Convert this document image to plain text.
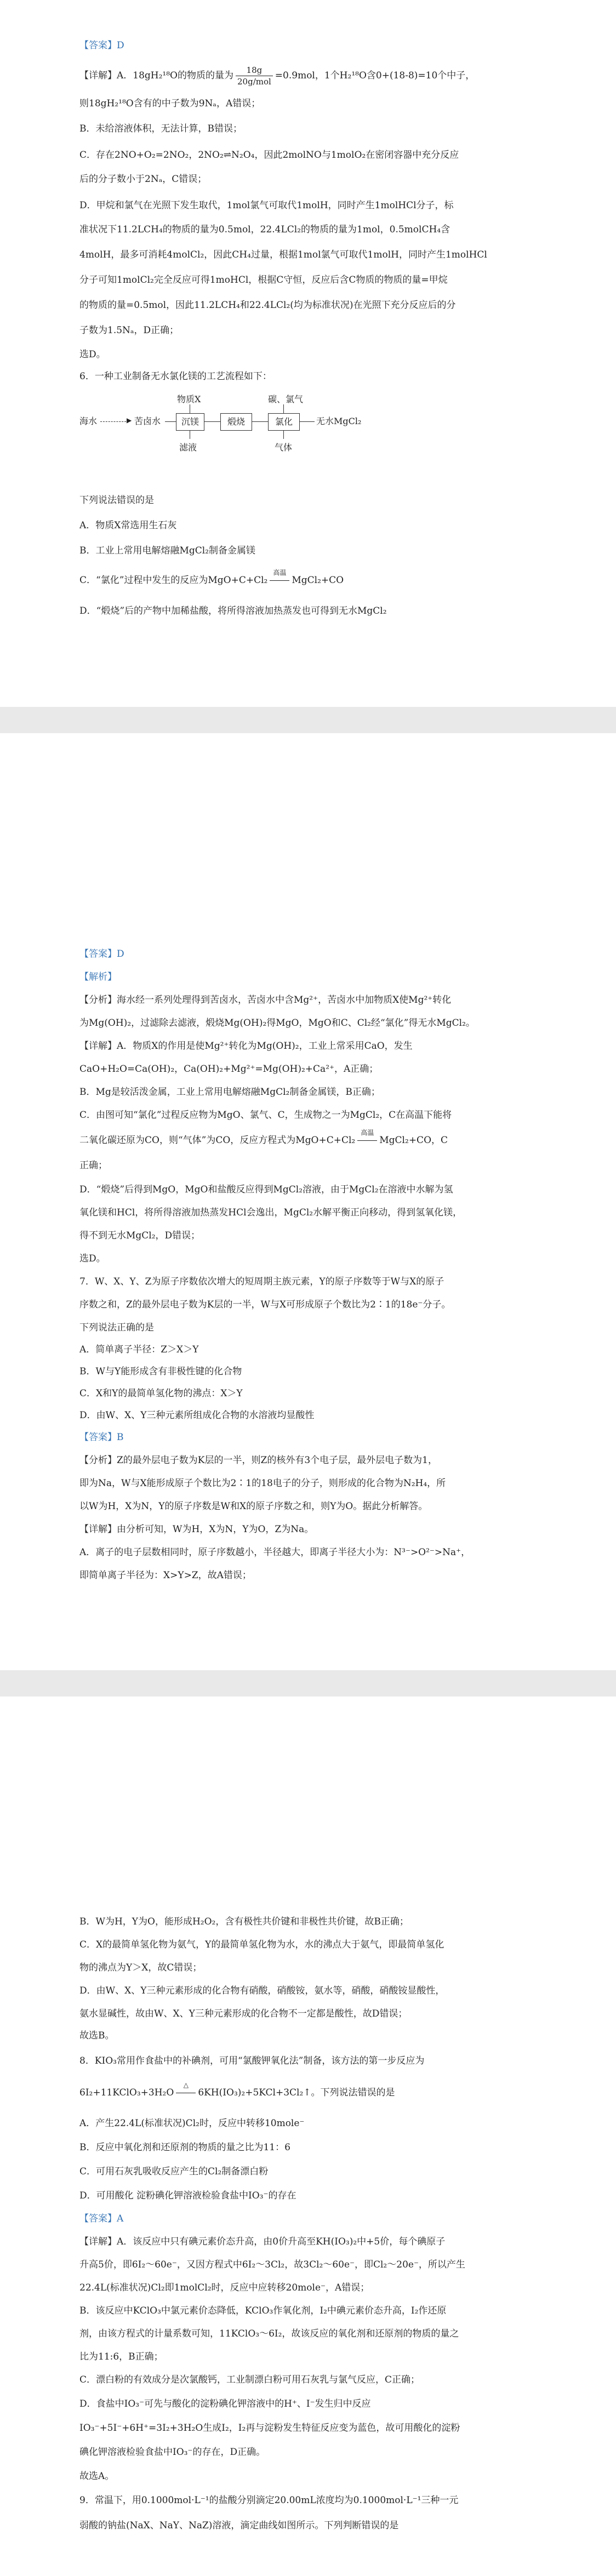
【答案】D
【详解】A．18gH₂¹⁸O的物质的量为 $\frac{18g}{\text{20g/mol}} =0.9mol$，1个H₂¹⁸O含0+(18-8)=10个中子，
则18gH₂¹⁸O含有的中子数为9Nₐ，A错误；
B．未给溶液体积，无法计算，B错误；
C．存在2NO+O₂=2NO₂，2NO₂⇌N₂O₄，因此2molNO与1molO₂在密闭容器中充分反应
后的分子数小于2Nₐ，C错误；
D．甲烷和氯气在光照下发生取代，1mol氯气可取代1molH，同时产生1molHCl分子，标
准状况下11.2LCH₄的物质的量为0.5mol，22.4LCl₂的物质的量为1mol，0.5molCH₄含
4molH，最多可消耗4molCl₂，因此CH₄过量，根据1mol氯气可取代1molH，同时产生1molHCl
分子可知1molCl₂完全反应可得1moHCl，根据C守恒，反应后含C物质的物质的量=甲烷
的物质的量=0.5mol，因此11.2LCH₄和22.4LCl₂(均为标准状况)在光照下充分反应后的分
子数为1.5Nₐ，D正确；
选D。
6．一种工业制备无水氯化镁的工艺流程如下：
海水	▶ 苦卤水	沉镁
物质X
滤液
煅烧	氯化
碳、氯气
气体
无水MgCl₂
下列说法错误的是
A．物质X常选用生石灰
B．工业上常用电解熔融MgCl₂制备金属镁
C．“氯化”过程中发生的反应为MgO+C+Cl₂
高温
MgCl₂+CO
D．“煅烧”后的产物中加稀盐酸，将所得溶液加热蒸发也可得到无水MgCl₂
【答案】D
【解析】
【分析】海水经一系列处理得到苦卤水，苦卤水中含Mg²⁺，苦卤水中加物质X使Mg²⁺转化
为Mg(OH)₂，过滤除去滤液，煅烧Mg(OH)₂得MgO，MgO和C、Cl₂经“氯化”得无水MgCl₂。
【详解】A．物质X的作用是使Mg²⁺转化为Mg(OH)₂，工业上常采用CaO，发生
CaO+H₂O=Ca(OH)₂，Ca(OH)₂+Mg²⁺=Mg(OH)₂+Ca²⁺，A正确；
B．Mg是较活泼金属，工业上常用电解熔融MgCl₂制备金属镁，B正确；
C．由图可知“氯化”过程反应物为MgO、氯气、C，生成物之一为MgCl₂，C在高温下能将
二氧化碳还原为CO，则“气体”为CO，反应方程式为MgO+C+Cl₂
高温
MgCl₂+CO，C
正确；
D．“煅烧”后得到MgO，MgO和盐酸反应得到MgCl₂溶液，由于MgCl₂在溶液中水解为氢
氧化镁和HCl，将所得溶液加热蒸发HCl会逸出，MgCl₂水解平衡正向移动，得到氢氧化镁，
得不到无水MgCl₂，D错误；
选D。
7．W、X、Y、Z为原子序数依次增大的短周期主族元素，Y的原子序数等于W与X的原子
序数之和，Z的最外层电子数为K层的一半，W与X可形成原子个数比为2∶1的18e⁻分子。
下列说法正确的是
A．简单离子半径：Z＞X＞Y
B．W与Y能形成含有非极性键的化合物
C．X和Y的最简单氢化物的沸点：X＞Y
D．由W、X、Y三种元素所组成化合物的水溶液均显酸性
【答案】B
【分析】Z的最外层电子数为K层的一半，则Z的核外有3个电子层，最外层电子数为1，
即为Na，W与X能形成原子个数比为2∶1的18电子的分子，则形成的化合物为N₂H₄，所
以W为H，X为N，Y的原子序数是W和X的原子序数之和，则Y为O。据此分析解答。
【详解】由分析可知，W为H，X为N，Y为O，Z为Na。
A．离子的电子层数相同时，原子序数越小，半径越大，即离子半径大小为：N³⁻>O²⁻>Na⁺，
即简单离子半径为：X>Y>Z，故A错误；
B．W为H，Y为O，能形成H₂O₂，含有极性共价键和非极性共价键，故B正确；
C．X的最简单氢化物为氨气，Y的最简单氢化物为水，水的沸点大于氨气，即最简单氢化
物的沸点为Y＞X，故C错误；
D．由W、X、Y三种元素形成的化合物有硝酸，硝酸铵，氨水等，硝酸，硝酸铵显酸性，
氨水显碱性，故由W、X、Y三种元素形成的化合物不一定都是酸性，故D错误；
故选B。
8．KIO₃常用作食盐中的补碘剂，可用“氯酸钾氧化法”制备，该方法的第一步反应为
6I₂+11KClO₃+3H₂O
△
6KH(IO₃)₂+5KCl+3Cl₂↑。下列说法错误的是
A．产生22.4L(标准状况)Cl₂时，反应中转移10mole⁻
B．反应中氧化剂和还原剂的物质的量之比为11：6
C．可用石灰乳吸收反应产生的Cl₂制备漂白粉
D．可用酸化 淀粉碘化钾溶液检验食盐中IO₃⁻的存在
【答案】A
【详解】A．该反应中只有碘元素价态升高，由0价升高至KH(IO₃)₂中+5价，每个碘原子
升高5价，即6I₂～60e⁻，又因方程式中6I₂～3Cl₂，故3Cl₂～60e⁻，即Cl₂～20e⁻，所以产生
22.4L(标准状况)Cl₂即1molCl₂时，反应中应转移20mole⁻，A错误；
B．该反应中KClO₃中氯元素价态降低，KClO₃作氧化剂，I₂中碘元素价态升高，I₂作还原
剂，由该方程式的计量系数可知，11KClO₃～6I₂，故该反应的氧化剂和还原剂的物质的量之
比为11:6，B正确；
C．漂白粉的有效成分是次氯酸钙，工业制漂白粉可用石灰乳与氯气反应，C正确；
D．食盐中IO₃⁻可先与酸化的淀粉碘化钾溶液中的H⁺、I⁻发生归中反应
IO₃⁻+5I⁻+6H⁺=3I₂+3H₂O生成I₂，I₂再与淀粉发生特征反应变为蓝色，故可用酸化的淀粉
碘化钾溶液检验食盐中IO₃⁻的存在，D正确。
故选A。
9．常温下，用0.1000mol·L⁻¹的盐酸分别滴定20.00mL浓度均为0.1000mol·L⁻¹三种一元
弱酸的钠盐(NaX、NaY、NaZ)溶液，滴定曲线如图所示。下列判断错误的是
